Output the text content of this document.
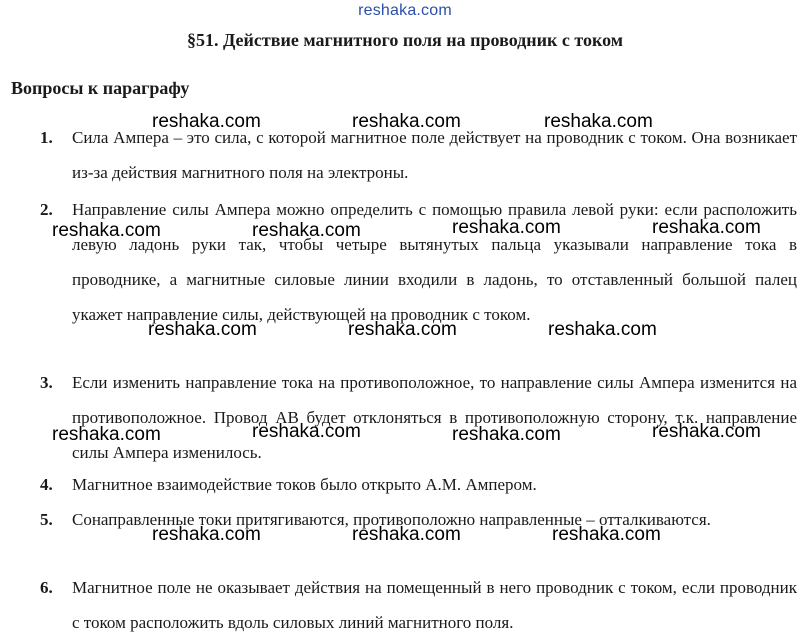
reshaka.com
§51. Действие магнитного поля на проводник с током
Вопросы к параграфу
1. Сила Ампера – это сила, с которой магнитное поле действует на проводник с током. Она возникает из-за действия магнитного поля на электроны.
2. Направление силы Ампера можно определить с помощью правила левой руки: если расположить левую ладонь руки так, чтобы четыре вытянутых пальца указывали направление тока в проводнике, а магнитные силовые линии входили в ладонь, то отставленный большой палец укажет направление силы, действующей на проводник с током.
3. Если изменить направление тока на противоположное, то направление силы Ампера изменится на противоположное. Провод АВ будет отклоняться в противоположную сторону, т.к. направление силы Ампера изменилось.
4. Магнитное взаимодействие токов было открыто А.М. Ампером.
5. Сонаправленные токи притягиваются, противоположно направленные – отталкиваются.
6. Магнитное поле не оказывает действия на помещенный в него проводник с током, если проводник с током расположить вдоль силовых линий магнитного поля.
reshaka.com	reshaka.com	reshaka.com
reshaka.com	reshaka.com	reshaka.com	reshaka.com
reshaka.com	reshaka.com	reshaka.com
reshaka.com	reshaka.com	reshaka.com	reshaka.com
reshaka.com	reshaka.com	reshaka.com
